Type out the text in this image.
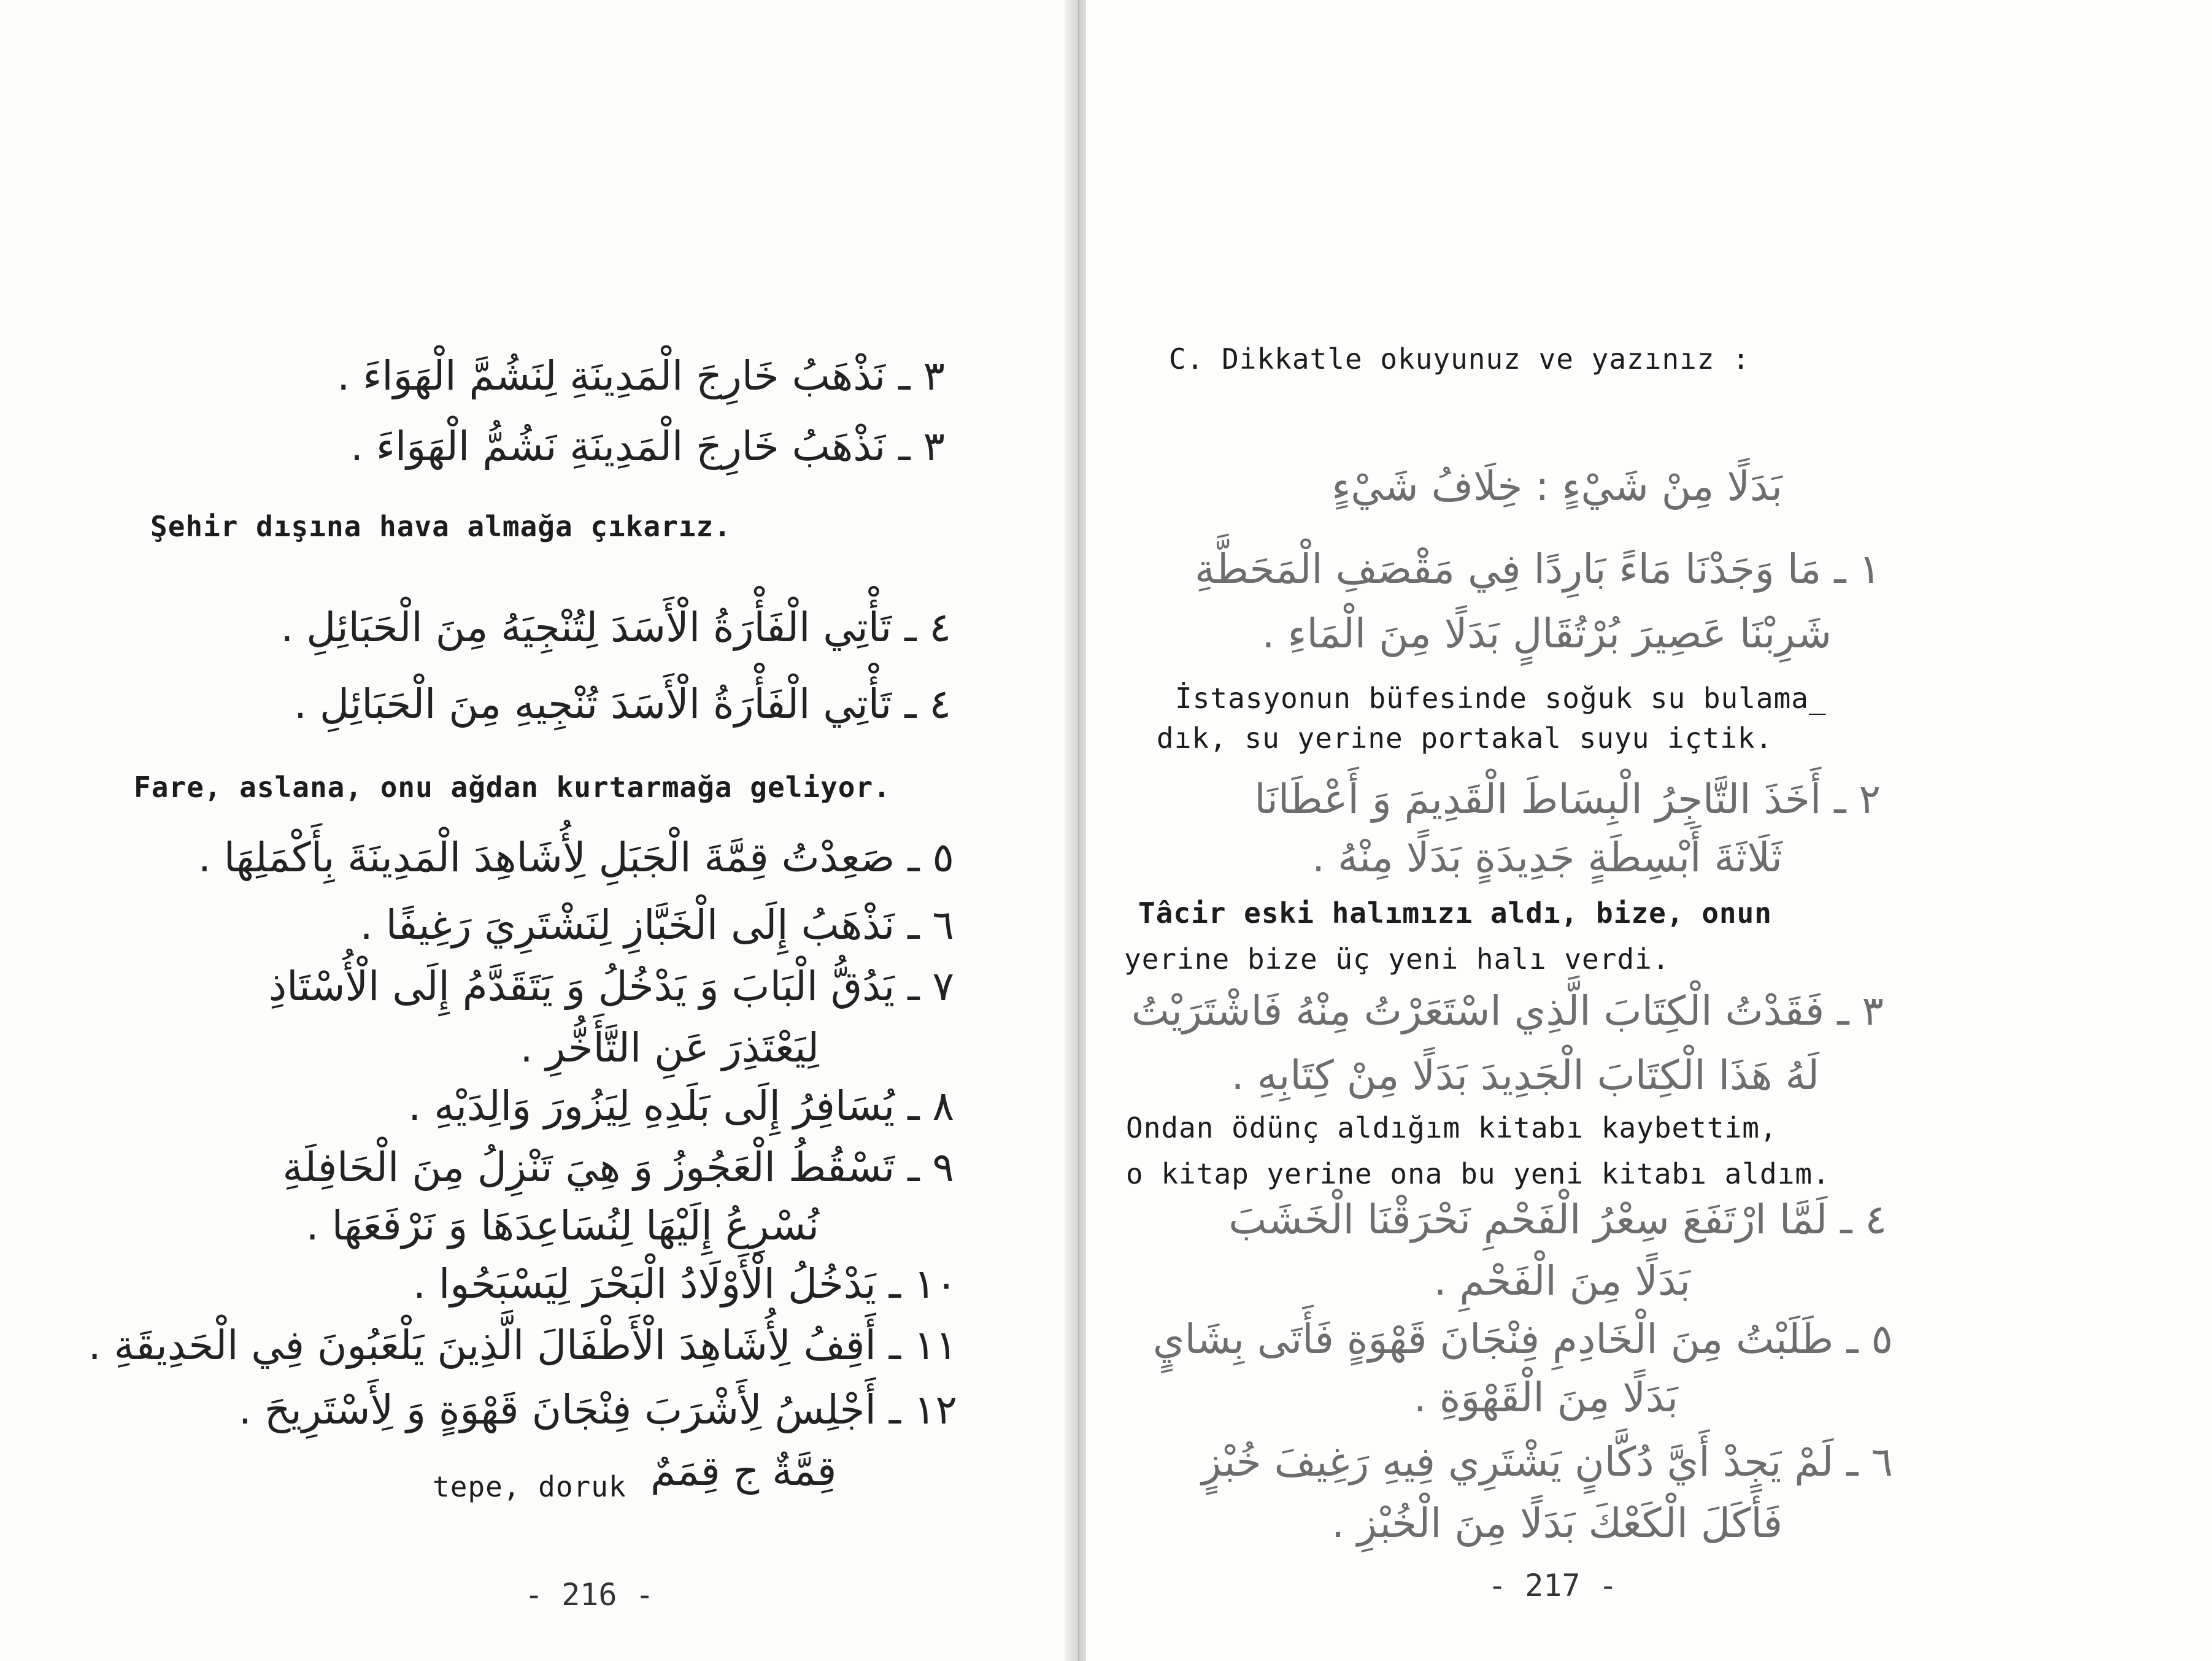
٣ ـ نَذْهَبُ خَارِجَ الْمَدِينَةِ لِنَشُمَّ الْهَوَاءَ .
٣ ـ نَذْهَبُ خَارِجَ الْمَدِينَةِ نَشُمُّ الْهَوَاءَ .
Şehir dışına hava almağa çıkarız.
٤ ـ تَأْتِي الْفَأْرَةُ الْأَسَدَ لِتُنْجِيَهُ مِنَ الْحَبَائِلِ .
٤ ـ تَأْتِي الْفَأْرَةُ الْأَسَدَ تُنْجِيهِ مِنَ الْحَبَائِلِ .
Fare, aslana, onu ağdan kurtarmağa geliyor.
٥ ـ صَعِدْتُ قِمَّةَ الْجَبَلِ لِأُشَاهِدَ الْمَدِينَةَ بِأَكْمَلِهَا .
٦ ـ نَذْهَبُ إِلَى الْخَبَّازِ لِنَشْتَرِيَ رَغِيفًا .
٧ ـ يَدُقُّ الْبَابَ وَ يَدْخُلُ وَ يَتَقَدَّمُ إِلَى الْأُسْتَاذِ
لِيَعْتَذِرَ عَنِ التَّأَخُّرِ .
٨ ـ يُسَافِرُ إِلَى بَلَدِهِ لِيَزُورَ وَالِدَيْهِ .
٩ ـ تَسْقُطُ الْعَجُوزُ وَ هِيَ تَنْزِلُ مِنَ الْحَافِلَةِ
نُسْرِعُ إِلَيْهَا لِنُسَاعِدَهَا وَ نَرْفَعَهَا .
١٠ ـ يَدْخُلُ الْأَوْلَادُ الْبَحْرَ لِيَسْبَحُوا .
١١ ـ أَقِفُ لِأُشَاهِدَ الْأَطْفَالَ الَّذِينَ يَلْعَبُونَ فِي الْحَدِيقَةِ .
١٢ ـ أَجْلِسُ لِأَشْرَبَ فِنْجَانَ قَهْوَةٍ وَ لِأَسْتَرِيحَ .
قِمَّةٌ ج قِمَمٌ
tepe, doruk
- 216 -
C. Dikkatle okuyunuz ve yazınız :
بَدَلًا مِنْ شَيْءٍ : خِلَافُ شَيْءٍ
١ ـ مَا وَجَدْنَا مَاءً بَارِدًا فِي مَقْصَفِ الْمَحَطَّةِ
شَرِبْنَا عَصِيرَ بُرْتُقَالٍ بَدَلًا مِنَ الْمَاءِ .
İstasyonun büfesinde soğuk su bulama_
dık, su yerine portakal suyu içtik.
٢ ـ أَخَذَ التَّاجِرُ الْبِسَاطَ الْقَدِيمَ وَ أَعْطَانَا
ثَلَاثَةَ أَبْسِطَةٍ جَدِيدَةٍ بَدَلًا مِنْهُ .
Tâcir eski halımızı aldı, bize, onun
yerine bize üç yeni halı verdi.
٣ ـ فَقَدْتُ الْكِتَابَ الَّذِي اسْتَعَرْتُ مِنْهُ فَاشْتَرَيْتُ
لَهُ هَذَا الْكِتَابَ الْجَدِيدَ بَدَلًا مِنْ كِتَابِهِ .
Ondan ödünç aldığım kitabı kaybettim,
o kitap yerine ona bu yeni kitabı aldım.
٤ ـ لَمَّا ارْتَفَعَ سِعْرُ الْفَحْمِ نَحْرَقْنَا الْخَشَبَ
بَدَلًا مِنَ الْفَحْمِ .
٥ ـ طَلَبْتُ مِنَ الْخَادِمِ فِنْجَانَ قَهْوَةٍ فَأَتَى بِشَايٍ
بَدَلًا مِنَ الْقَهْوَةِ .
٦ ـ لَمْ يَجِدْ أَيَّ دُكَّانٍ يَشْتَرِي فِيهِ رَغِيفَ خُبْزٍ
فَأَكَلَ الْكَعْكَ بَدَلًا مِنَ الْخُبْزِ .
- 217 -
